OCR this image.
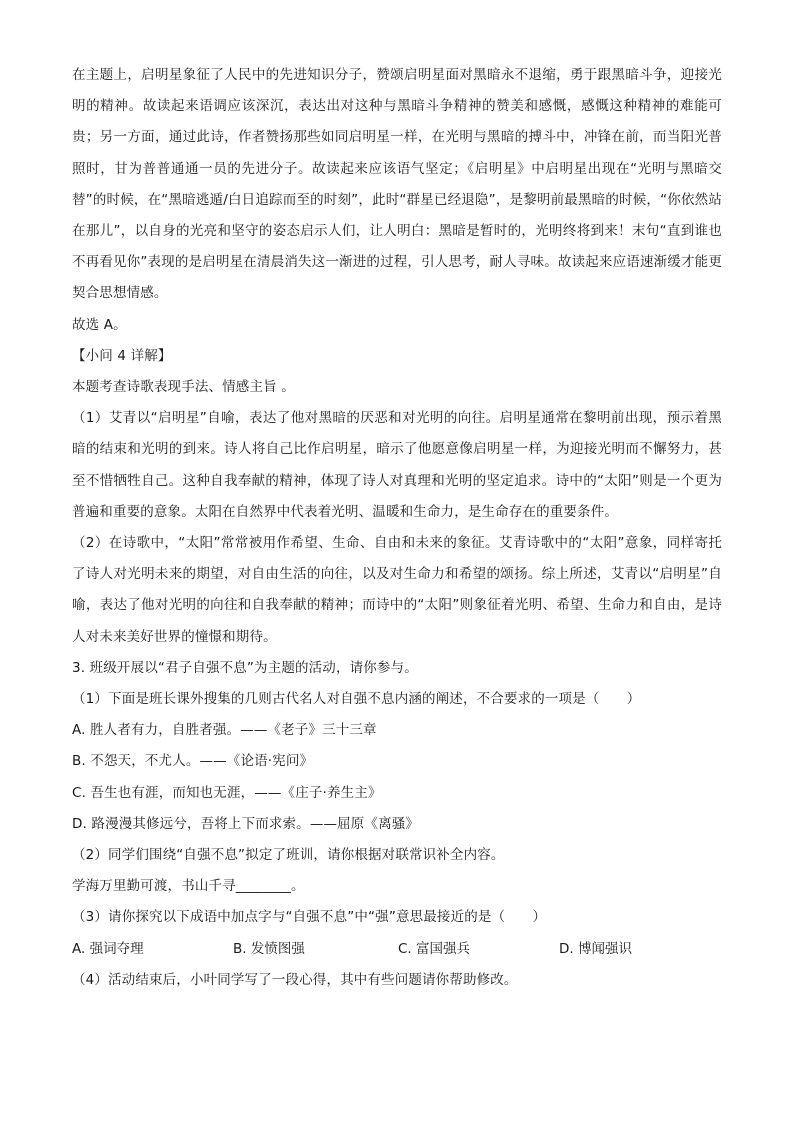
在主题上，启明星象征了人民中的先进知识分子，赞颂启明星面对黑暗永不退缩，勇于跟黑暗斗争，迎接光明的精神。故读起来语调应该深沉，表达出对这种与黑暗斗争精神的赞美和感慨，感慨这种精神的难能可贵；另一方面，通过此诗，作者赞扬那些如同启明星一样，在光明与黑暗的搏斗中，冲锋在前，而当阳光普照时，甘为普普通通一员的先进分子。故读起来应该语气坚定；《启明星》中启明星出现在“光明与黑暗交替”的时候，在“黑暗逃遁/白日追踪而至的时刻”，此时“群星已经退隐”，是黎明前最黑暗的时候，“你依然站在那儿”，以自身的光亮和坚守的姿态启示人们，让人明白：黑暗是暂时的，光明终将到来！末句“直到谁也不再看见你”表现的是启明星在清晨消失这一渐进的过程，引人思考，耐人寻味。故读起来应语速渐缓才能更契合思想情感。

故选 A。

【小问 4 详解】

本题考查诗歌表现手法、情感主旨 。

（1）艾青以“启明星”自喻，表达了他对黑暗的厌恶和对光明的向往。启明星通常在黎明前出现，预示着黑暗的结束和光明的到来。诗人将自己比作启明星，暗示了他愿意像启明星一样，为迎接光明而不懈努力，甚至不惜牺牲自己。这种自我奉献的精神，体现了诗人对真理和光明的坚定追求。诗中的“太阳”则是一个更为普遍和重要的意象。太阳在自然界中代表着光明、温暖和生命力，是生命存在的重要条件。

（2）在诗歌中，“太阳”常常被用作希望、生命、自由和未来的象征。艾青诗歌中的“太阳”意象，同样寄托了诗人对光明未来的期望，对自由生活的向往，以及对生命力和希望的颂扬。综上所述，艾青以“启明星”自喻，表达了他对光明的向往和自我奉献的精神；而诗中的“太阳”则象征着光明、希望、生命力和自由，是诗人对未来美好世界的憧憬和期待。

3. 班级开展以“君子自强不息”为主题的活动，请你参与。

（1）下面是班长课外搜集的几则古代名人对自强不息内涵的阐述，不合要求的一项是（　　）

A. 胜人者有力，自胜者强。——《老子》三十三章

B. 不怨天，不尤人。——《论语·宪问》

C. 吾生也有涯，而知也无涯，——《庄子·养生主》

D. 路漫漫其修远兮，吾将上下而求索。——屈原《离骚》

（2）同学们围绕“自强不息”拟定了班训，请你根据对联常识补全内容。

学海万里勤可渡，书山千寻________。

（3）请你探究以下成语中加点字与“自强不息”中“强”意思最接近的是（　　）

A. 强词夺理	B. 发愤图强	C. 富国强兵	D. 博闻强识

（4）活动结束后，小叶同学写了一段心得，其中有些问题请你帮助修改。
